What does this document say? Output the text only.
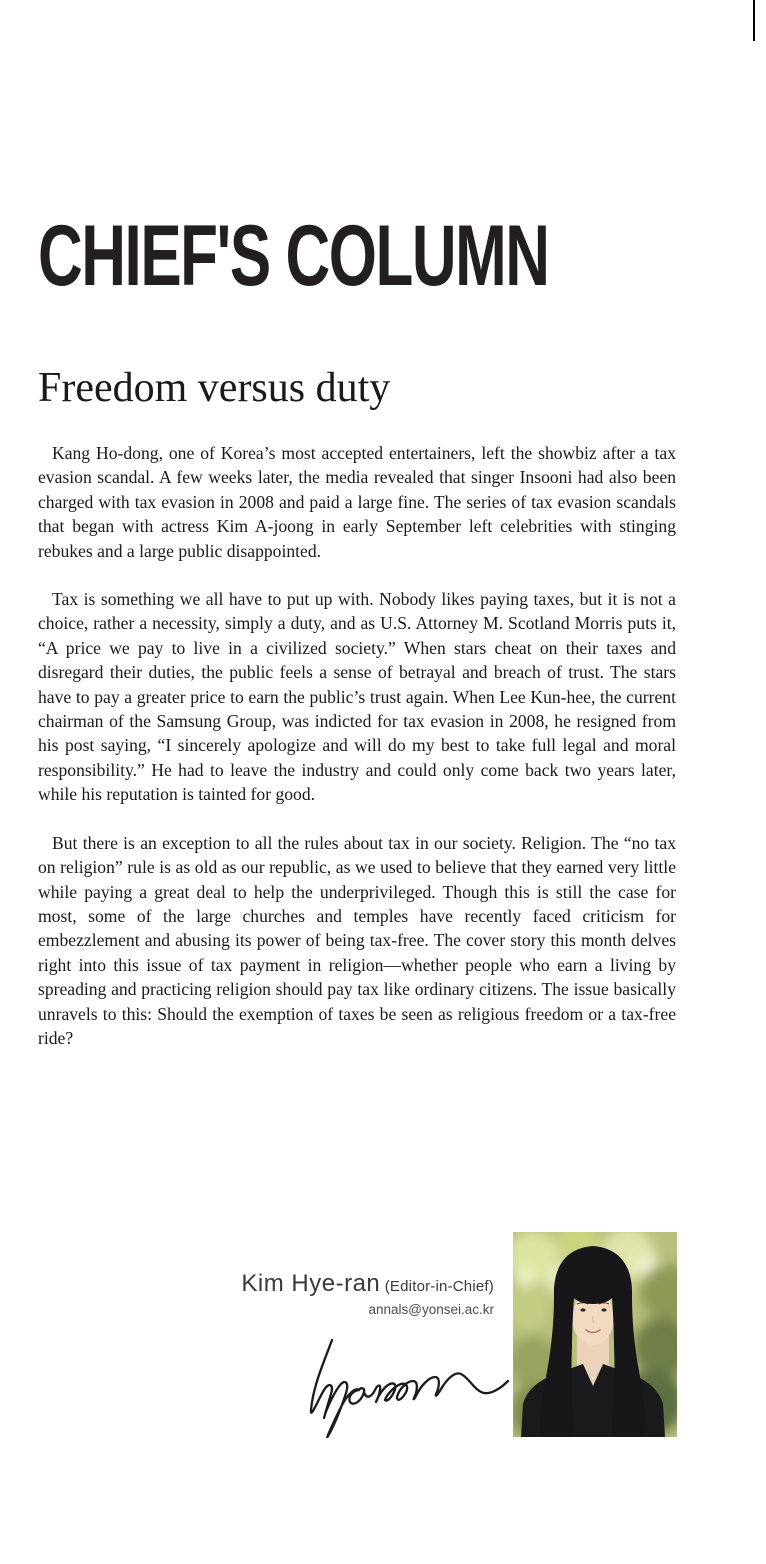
CHIEF'S COLUMN
Freedom versus duty

Kang Ho-dong, one of Korea’s most accepted entertainers, left the showbiz after a tax evasion scandal. A few weeks later, the media revealed that singer Insooni had also been charged with tax evasion in 2008 and paid a large fine. The series of tax evasion scandals that began with actress Kim A-joong in early September left celebrities with stinging rebukes and a large public disappointed.

Tax is something we all have to put up with. Nobody likes paying taxes, but it is not a choice, rather a necessity, simply a duty, and as U.S. Attorney M. Scotland Morris puts it, “A price we pay to live in a civilized society.” When stars cheat on their taxes and disregard their duties, the public feels a sense of betrayal and breach of trust. The stars have to pay a greater price to earn the public’s trust again. When Lee Kun-hee, the current chairman of the Samsung Group, was indicted for tax evasion in 2008, he resigned from his post saying, “I sincerely apologize and will do my best to take full legal and moral responsibility.” He had to leave the industry and could only come back two years later, while his reputation is tainted for good.

But there is an exception to all the rules about tax in our society. Religion. The “no tax on religion” rule is as old as our republic, as we used to believe that they earned very little while paying a great deal to help the underprivileged. Though this is still the case for most, some of the large churches and temples have recently faced criticism for embezzlement and abusing its power of being tax-free. The cover story this month delves right into this issue of tax payment in religion—whether people who earn a living by spreading and practicing religion should pay tax like ordinary citizens. The issue basically unravels to this: Should the exemption of taxes be seen as religious freedom or a tax-free ride?

Kim Hye-ran (Editor-in-Chief)
annals@yonsei.ac.kr
